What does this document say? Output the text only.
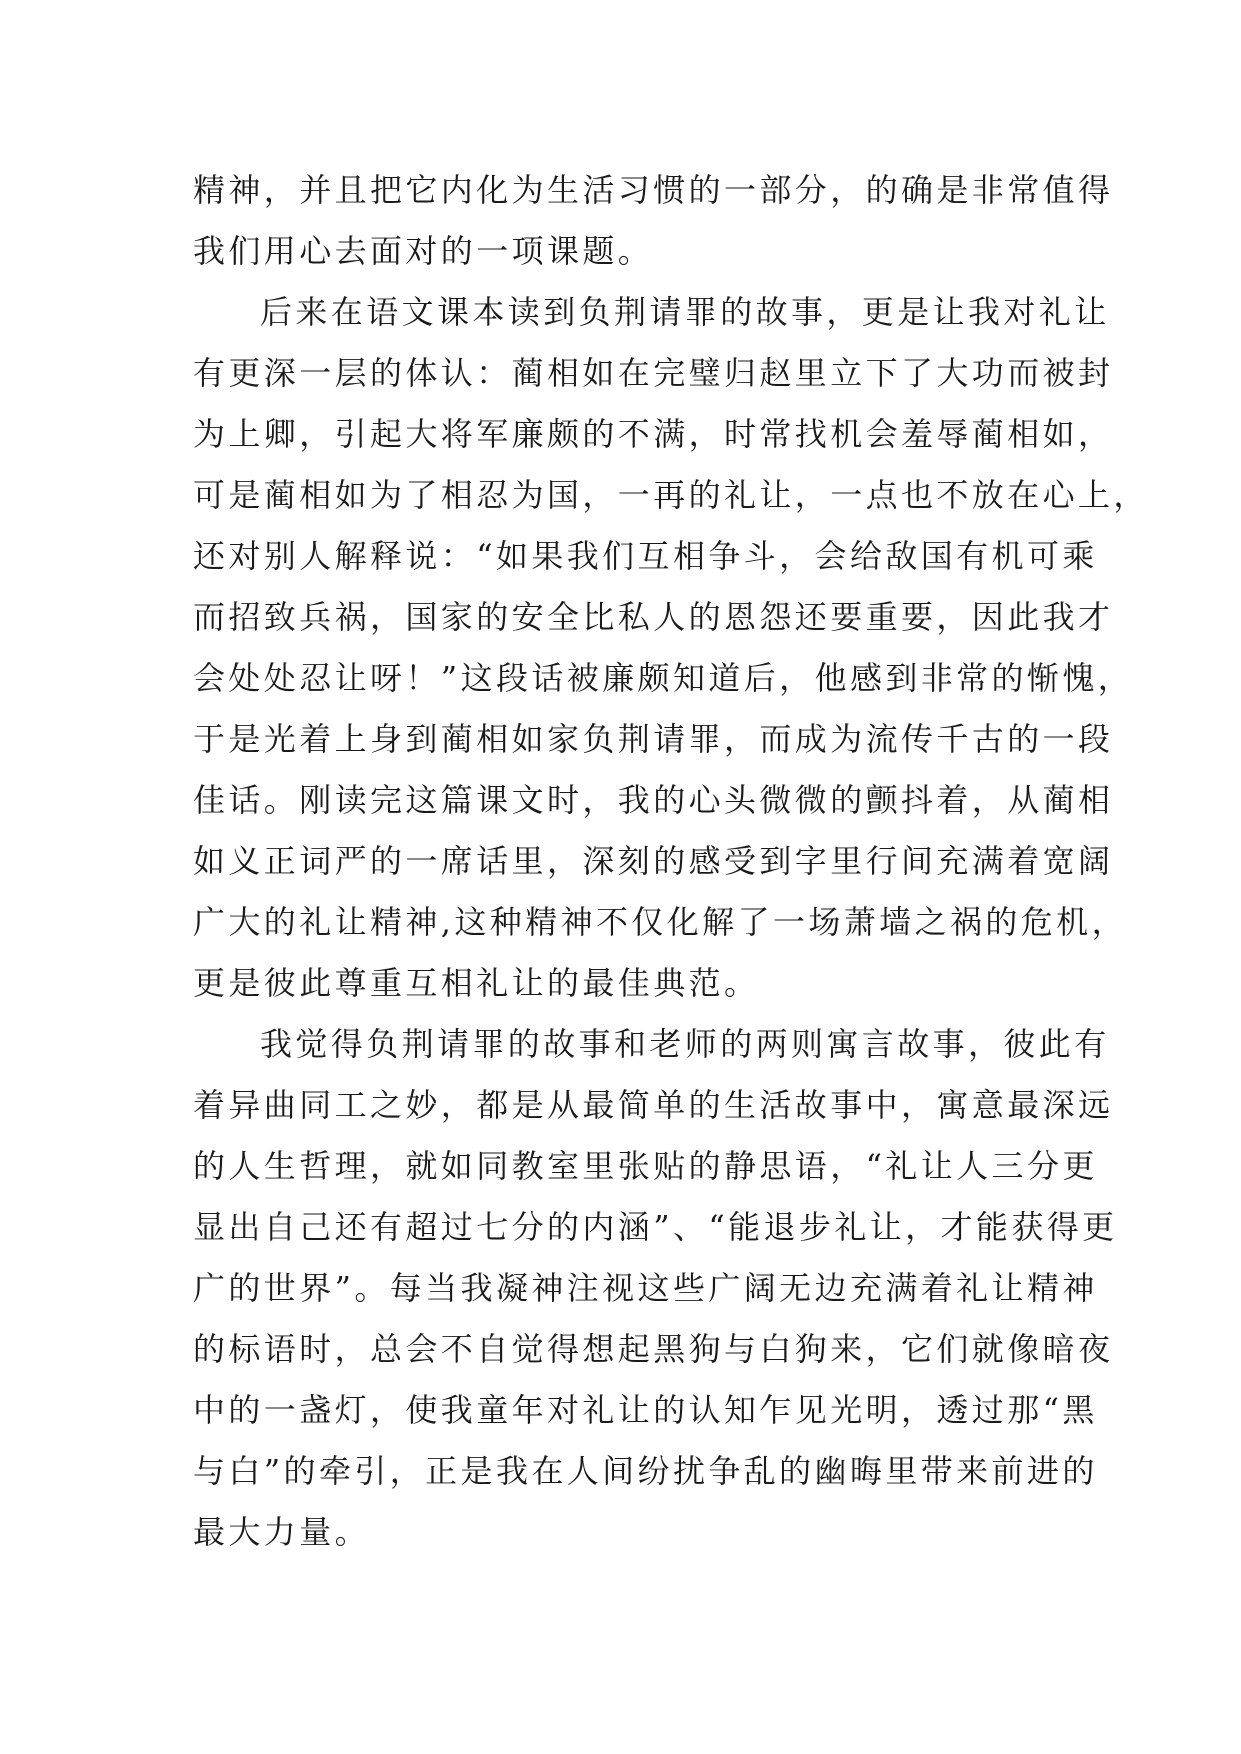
精神，并且把它内化为生活习惯的一部分，的确是非常值得
我们用心去面对的一项课题。
后来在语文课本读到负荆请罪的故事，更是让我对礼让
有更深一层的体认：蔺相如在完璧归赵里立下了大功而被封
为上卿，引起大将军廉颇的不满，时常找机会羞辱蔺相如，
可是蔺相如为了相忍为国，一再的礼让，一点也不放在心上，
还对别人解释说：“如果我们互相争斗，会给敌国有机可乘
而招致兵祸，国家的安全比私人的恩怨还要重要，因此我才
会处处忍让呀！”这段话被廉颇知道后，他感到非常的惭愧，
于是光着上身到蔺相如家负荆请罪，而成为流传千古的一段
佳话。刚读完这篇课文时，我的心头微微的颤抖着，从蔺相
如义正词严的一席话里，深刻的感受到字里行间充满着宽阔
广大的礼让精神,这种精神不仅化解了一场萧墙之祸的危机，
更是彼此尊重互相礼让的最佳典范。
我觉得负荆请罪的故事和老师的两则寓言故事，彼此有
着异曲同工之妙，都是从最简单的生活故事中，寓意最深远
的人生哲理，就如同教室里张贴的静思语，“礼让人三分更
显出自己还有超过七分的内涵”、“能退步礼让，才能获得更
广的世界”。每当我凝神注视这些广阔无边充满着礼让精神
的标语时，总会不自觉得想起黑狗与白狗来，它们就像暗夜
中的一盏灯，使我童年对礼让的认知乍见光明，透过那“黑
与白”的牵引，正是我在人间纷扰争乱的幽晦里带来前进的
最大力量。
